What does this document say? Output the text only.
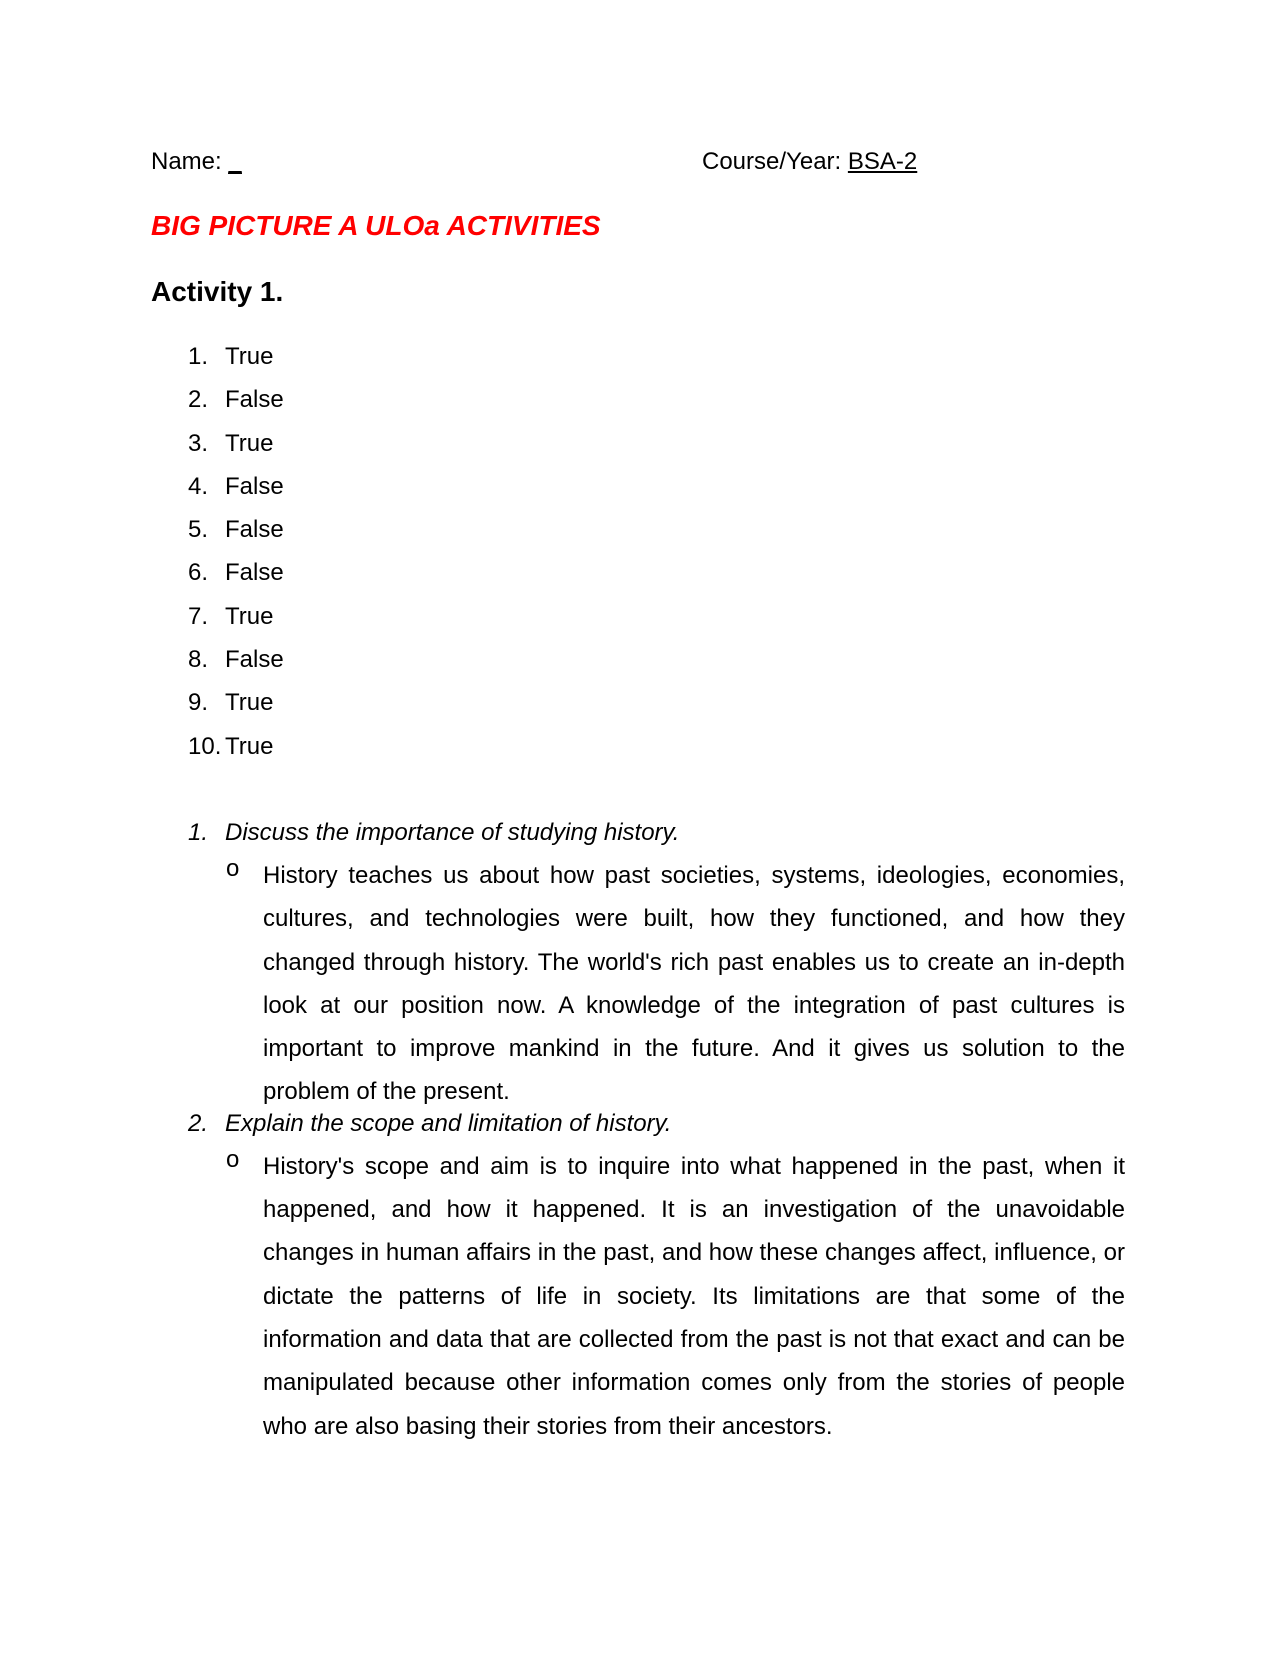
Name: _	Course/Year: BSA-2
BIG PICTURE A ULOa ACTIVITIES
Activity 1.
1. True
2. False
3. True
4. False
5. False
6. False
7. True
8. False
9. True
10. True
1. Discuss the importance of studying history.
o History teaches us about how past societies, systems, ideologies, economies, cultures, and technologies were built, how they functioned, and how they changed through history. The world's rich past enables us to create an in-depth look at our position now. A knowledge of the integration of past cultures is important to improve mankind in the future. And it gives us solution to the problem of the present.

2. Explain the scope and limitation of history.
o History's scope and aim is to inquire into what happened in the past, when it happened, and how it happened. It is an investigation of the unavoidable changes in human affairs in the past, and how these changes affect, influence, or dictate the patterns of life in society. Its limitations are that some of the information and data that are collected from the past is not that exact and can be manipulated because other information comes only from the stories of people who are also basing their stories from their ancestors.
